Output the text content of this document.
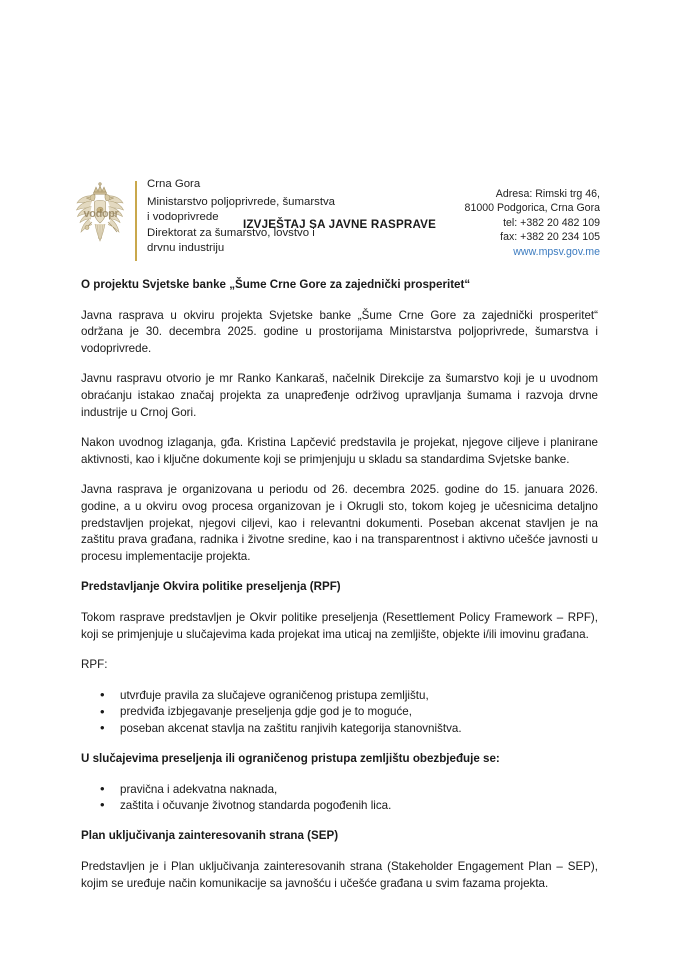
vodopr
Crna Gora
Ministarstvo poljoprivrede, šumarstva
i vodoprivrede
Direktorat za šumarstvo, lovstvo i
drvnu industriju
Adresa: Rimski trg 46,
81000 Podgorica, Crna Gora
tel: +382 20 482 109
fax: +382 20 234 105
www.mpsv.gov.me
IZVJEŠTAJ SA JAVNE RASPRAVE
O projektu Svjetske banke „Šume Crne Gore za zajednički prosperitet“

Javna rasprava u okviru projekta Svjetske banke „Šume Crne Gore za zajednički prosperitet“ održana je 30. decembra 2025. godine u prostorijama Ministarstva poljoprivrede, šumarstva i vodoprivrede.

Javnu raspravu otvorio je mr Ranko Kankaraš, načelnik Direkcije za šumarstvo koji je u uvodnom obraćanju istakao značaj projekta za unapređenje održivog upravljanja šumama i razvoja drvne industrije u Crnoj Gori.

Nakon uvodnog izlaganja, gđa. Kristina Lapčević predstavila je projekat, njegove ciljeve i planirane aktivnosti, kao i ključne dokumente koji se primjenjuju u skladu sa standardima Svjetske banke.

Javna rasprava je organizovana u periodu od 26. decembra 2025. godine do 15. januara 2026. godine, a u okviru ovog procesa organizovan je i Okrugli sto, tokom kojeg je učesnicima detaljno predstavljen projekat, njegovi ciljevi, kao i relevantni dokumenti. Poseban akcenat stavljen je na zaštitu prava građana, radnika i životne sredine, kao i na transparentnost i aktivno učešće javnosti u procesu implementacije projekta.

Predstavljanje Okvira politike preseljenja (RPF)

Tokom rasprave predstavljen je Okvir politike preseljenja (Resettlement Policy Framework – RPF), koji se primjenjuje u slučajevima kada projekat ima uticaj na zemljište, objekte i/ili imovinu građana.

RPF:

• utvrđuje pravila za slučajeve ograničenog pristupa zemljištu,
• predviđa izbjegavanje preseljenja gdje god je to moguće,
• poseban akcenat stavlja na zaštitu ranjivih kategorija stanovništva.
U slučajevima preseljenja ili ograničenog pristupa zemljištu obezbjeđuje se:
• pravična i adekvatna naknada,
• zaštita i očuvanje životnog standarda pogođenih lica.
Plan uključivanja zainteresovanih strana (SEP)

Predstavljen je i Plan uključivanja zainteresovanih strana (Stakeholder Engagement Plan – SEP), kojim se uređuje način komunikacije sa javnošću i učešće građana u svim fazama projekta.
